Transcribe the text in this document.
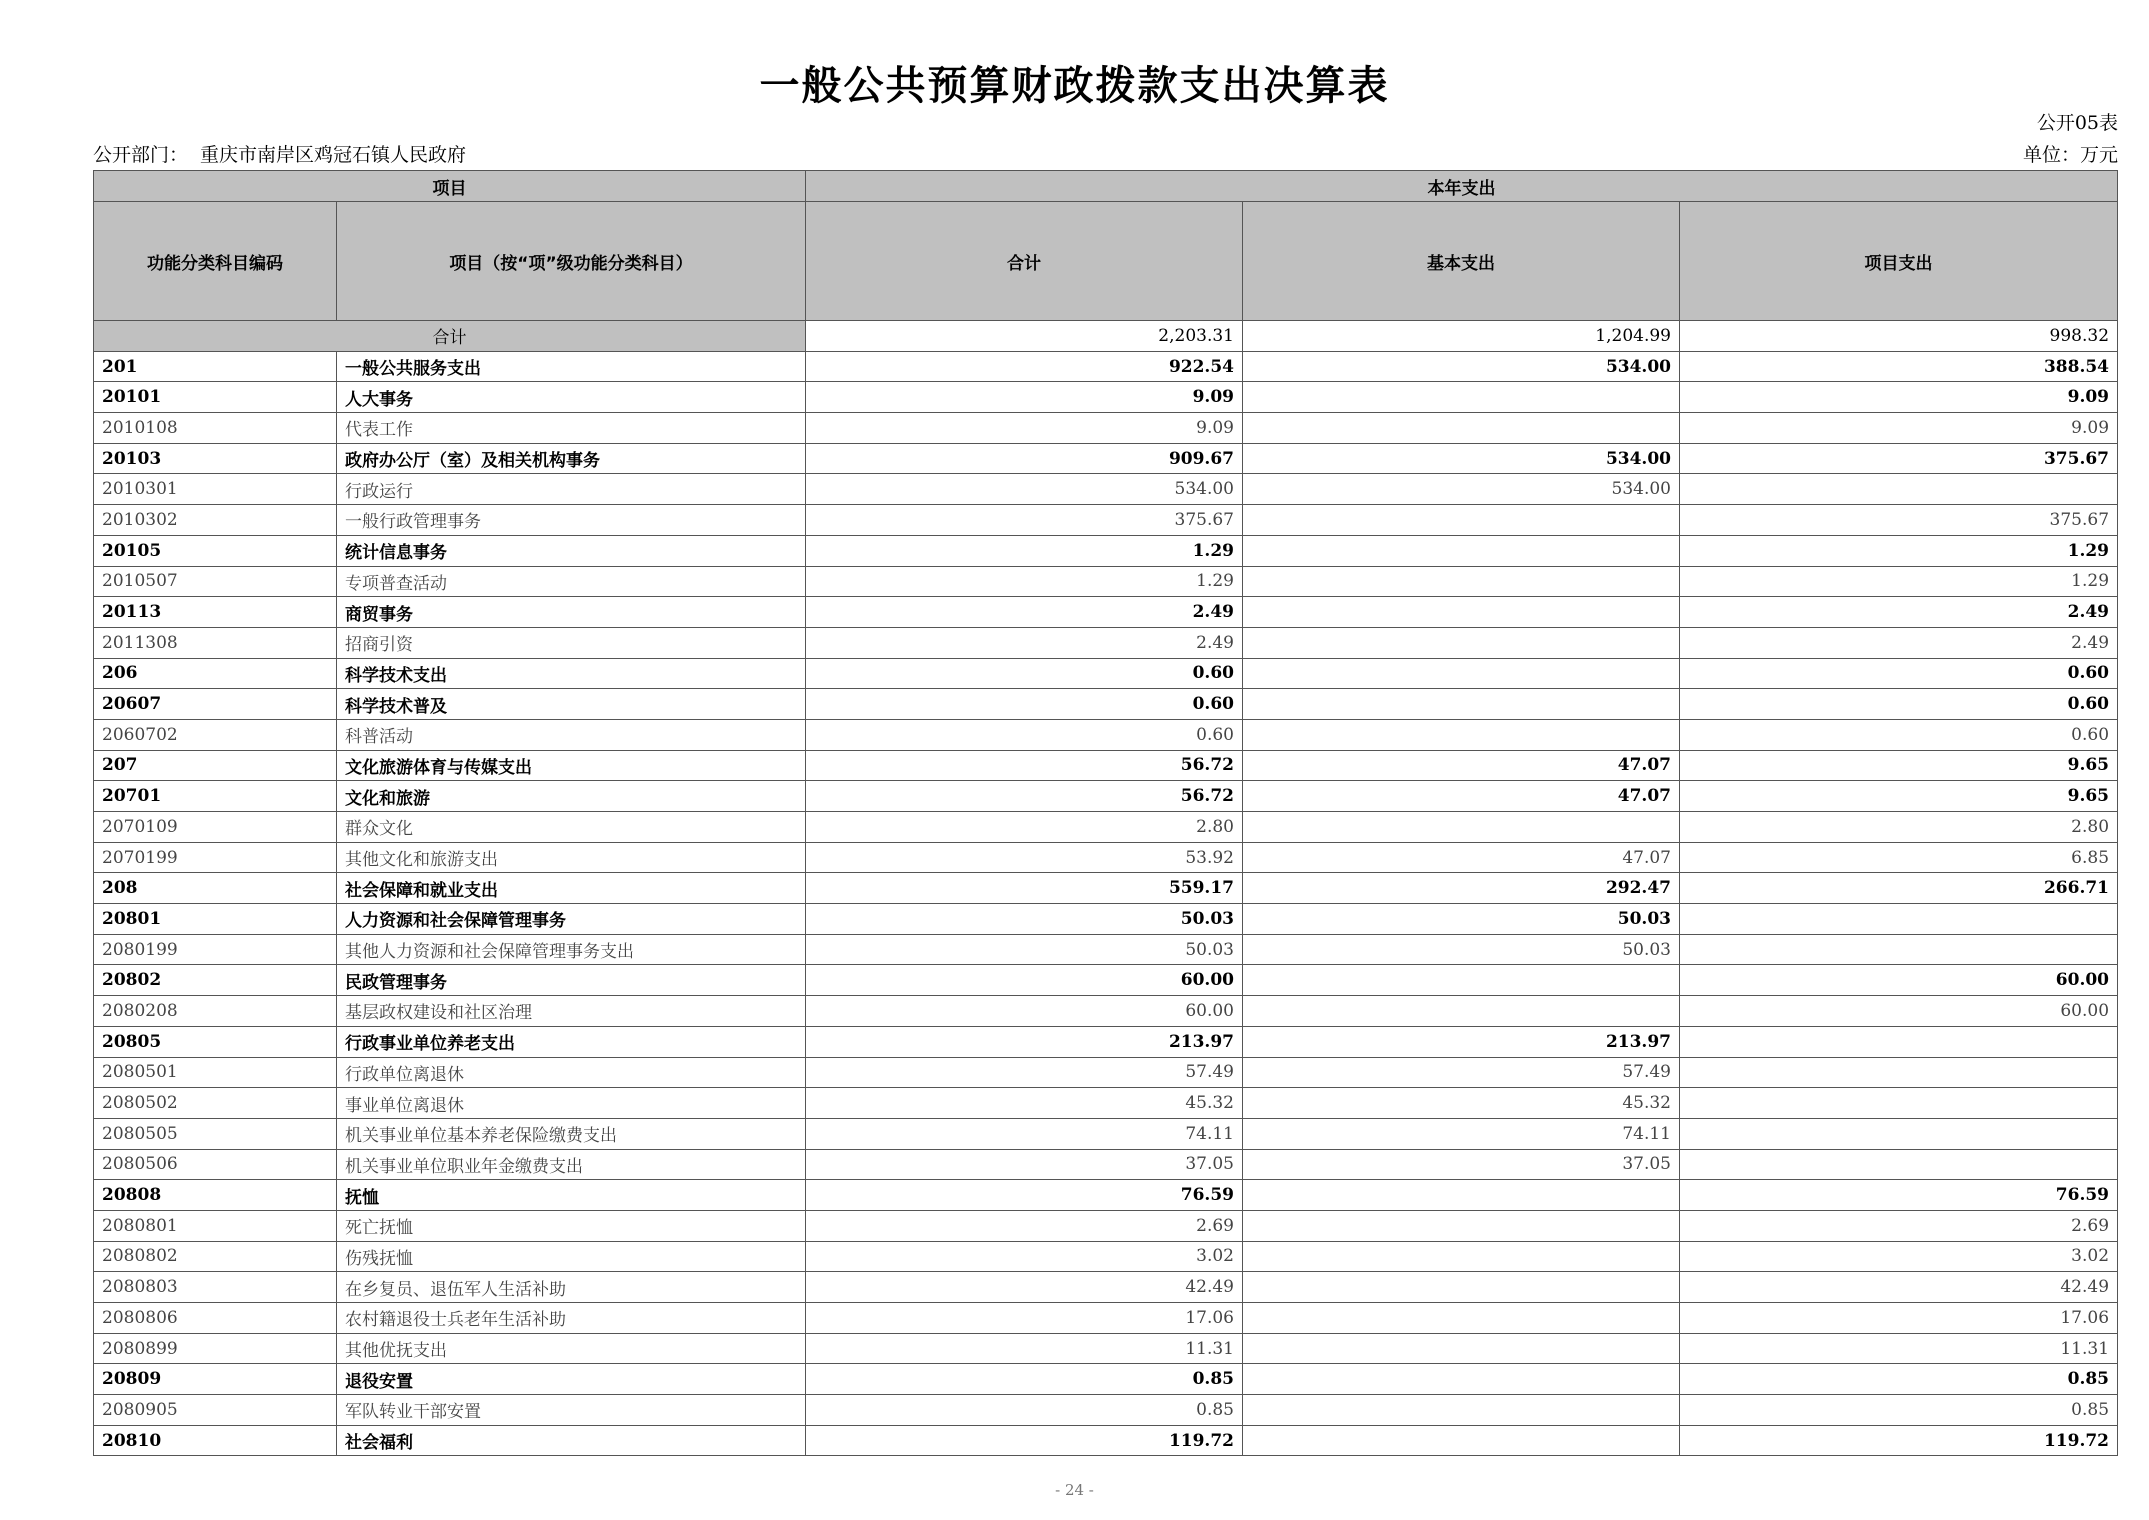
一般公共预算财政拨款支出决算表
公开05表
公开部门： 重庆市南岸区鸡冠石镇人民政府	单位：万元
项目		本年支出		
功能分类科目编码	项目（按“项”级功能分类科目）	合计	基本支出	项目支出
合计		2,203.31	1,204.99	998.32
201	一般公共服务支出	922.54	534.00	388.54
20101	人大事务	9.09		9.09
2010108	代表工作	9.09		9.09
20103	政府办公厅（室）及相关机构事务	909.67	534.00	375.67
2010301	行政运行	534.00	534.00	
2010302	一般行政管理事务	375.67		375.67
20105	统计信息事务	1.29		1.29
2010507	专项普查活动	1.29		1.29
20113	商贸事务	2.49		2.49
2011308	招商引资	2.49		2.49
206	科学技术支出	0.60		0.60
20607	科学技术普及	0.60		0.60
2060702	科普活动	0.60		0.60
207	文化旅游体育与传媒支出	56.72	47.07	9.65
20701	文化和旅游	56.72	47.07	9.65
2070109	群众文化	2.80		2.80
2070199	其他文化和旅游支出	53.92	47.07	6.85
208	社会保障和就业支出	559.17	292.47	266.71
20801	人力资源和社会保障管理事务	50.03	50.03	
2080199	其他人力资源和社会保障管理事务支出	50.03	50.03	
20802	民政管理事务	60.00		60.00
2080208	基层政权建设和社区治理	60.00		60.00
20805	行政事业单位养老支出	213.97	213.97	
2080501	行政单位离退休	57.49	57.49	
2080502	事业单位离退休	45.32	45.32	
2080505	机关事业单位基本养老保险缴费支出	74.11	74.11	
2080506	机关事业单位职业年金缴费支出	37.05	37.05	
20808	抚恤	76.59		76.59
2080801	死亡抚恤	2.69		2.69
2080802	伤残抚恤	3.02		3.02
2080803	在乡复员、退伍军人生活补助	42.49		42.49
2080806	农村籍退役士兵老年生活补助	17.06		17.06
2080899	其他优抚支出	11.31		11.31
20809	退役安置	0.85		0.85
2080905	军队转业干部安置	0.85		0.85
20810	社会福利	119.72		119.72
- 24 -
